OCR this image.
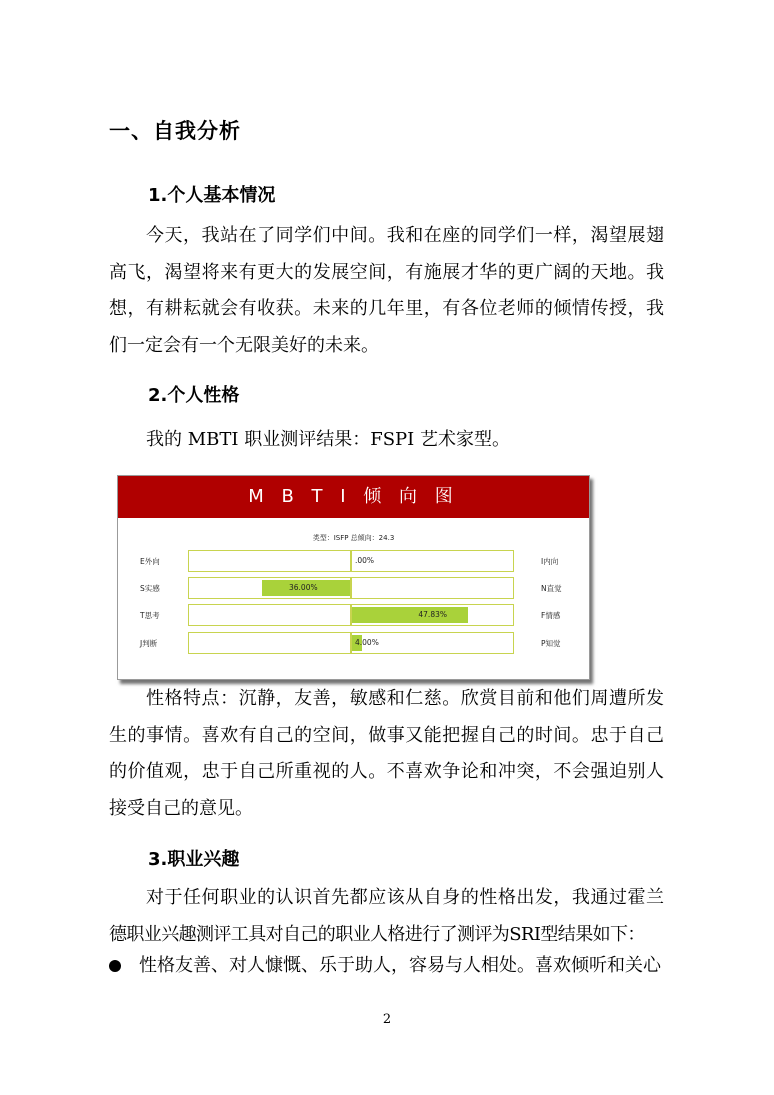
一、自我分析
1.个人基本情况

今天，我站在了同学们中间。我和在座的同学们一样，渴望展翅高飞，渴望将来有更大的发展空间，有施展才华的更广阔的天地。我想，有耕耘就会有收获。未来的几年里，有各位老师的倾情传授，我们一定会有一个无限美好的未来。

2.个人性格
我的 MBTI 职业测评结果：FSPI 艺术家型。
M B T I 倾 向 图
类型：ISFP 总倾向：24.3
E外向	.00%	I内向
S实感	36.00%	N直觉
T思考	47.83%	F情感
J判断	4.00%	P知觉

性格特点：沉静，友善，敏感和仁慈。欣赏目前和他们周遭所发生的事情。喜欢有自己的空间，做事又能把握自己的时间。忠于自己的价值观，忠于自己所重视的人。不喜欢争论和冲突，不会强迫别人接受自己的意见。

3.职业兴趣

对于任何职业的认识首先都应该从自身的性格出发，我通过霍兰德职业兴趣测评工具对自己的职业人格进行了测评为SRI型结果如下：

性格友善、对人慷慨、乐于助人，容易与人相处。喜欢倾听和关心
2
